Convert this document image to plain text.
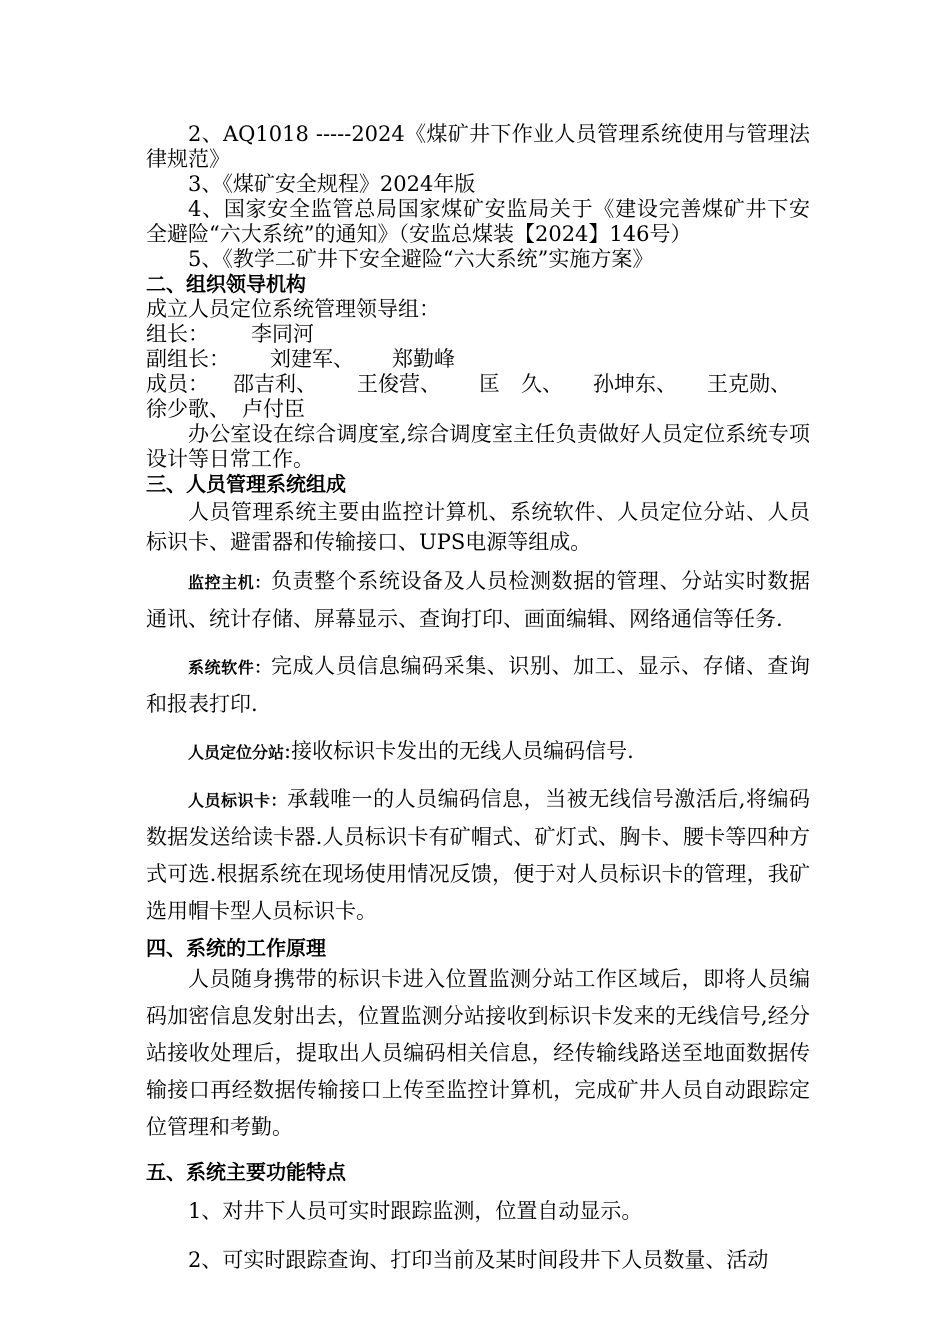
2、AQ1018 -----2024《煤矿井下作业人员管理系统使用与管理法律规范》

3、《煤矿安全规程》2024年版

4、国家安全监管总局国家煤矿安监局关于《建设完善煤矿井下安全避险“六大系统”的通知》（安监总煤装【2024】146号）

5、《教学二矿井下安全避险“六大系统”实施方案》

二、组织领导机构

成立人员定位系统管理领导组：

组长： 李同河

副组长： 刘建军、 郑勤峰

成员： 邵吉利、 王俊营、 匡　久、 孙坤东、 王克勋、

徐少歌、 卢付臣

办公室设在综合调度室,综合调度室主任负责做好人员定位系统专项设计等日常工作。

三、人员管理系统组成

人员管理系统主要由监控计算机、系统软件、人员定位分站、人员标识卡、避雷器和传输接口、UPS电源等组成。

监控主机：负责整个系统设备及人员检测数据的管理、分站实时数据通讯、统计存储、屏幕显示、查询打印、画面编辑、网络通信等任务.

系统软件：完成人员信息编码采集、识别、加工、显示、存储、查询和报表打印.

人员定位分站:接收标识卡发出的无线人员编码信号.

人员标识卡：承载唯一的人员编码信息，当被无线信号激活后,将编码数据发送给读卡器.人员标识卡有矿帽式、矿灯式、胸卡、腰卡等四种方式可选.根据系统在现场使用情况反馈，便于对人员标识卡的管理，我矿选用帽卡型人员标识卡。

四、系统的工作原理

人员随身携带的标识卡进入位置监测分站工作区域后，即将人员编码加密信息发射出去，位置监测分站接收到标识卡发来的无线信号,经分站接收处理后，提取出人员编码相关信息，经传输线路送至地面数据传输接口再经数据传输接口上传至监控计算机，完成矿井人员自动跟踪定位管理和考勤。

五、系统主要功能特点

1、对井下人员可实时跟踪监测，位置自动显示。

2、可实时跟踪查询、打印当前及某时间段井下人员数量、活动
